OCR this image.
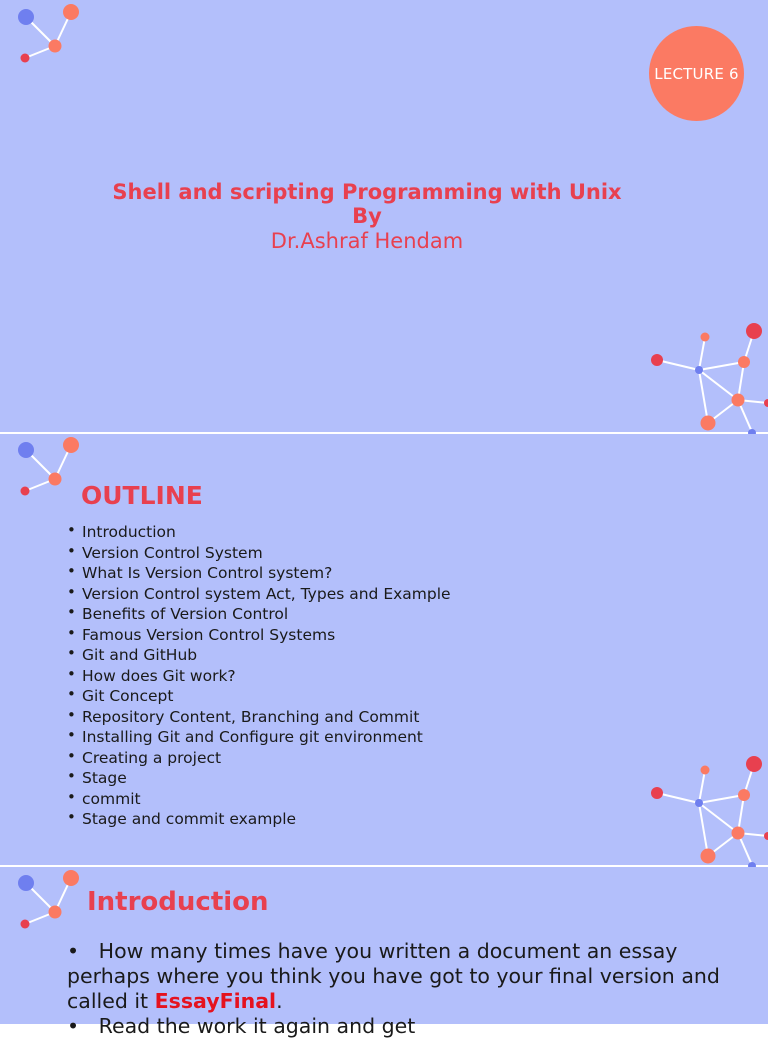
LECTURE 6
Shell and scripting Programming with Unix
By
Dr.Ashraf Hendam
OUTLINE
• Introduction
• Version Control System
• What Is Version Control system?
• Version Control system Act, Types and Example
• Benefits of Version Control
• Famous Version Control Systems
• Git and GitHub
• How does Git work?
• Git Concept
• Repository Content, Branching and Commit
• Installing Git and Configure git environment
• Creating a project
• Stage
• commit
• Stage and commit example
Introduction
• How many times have you written a document an essay perhaps where you think you have got to your final version and called it EssayFinal.
• Read the work it again and get
